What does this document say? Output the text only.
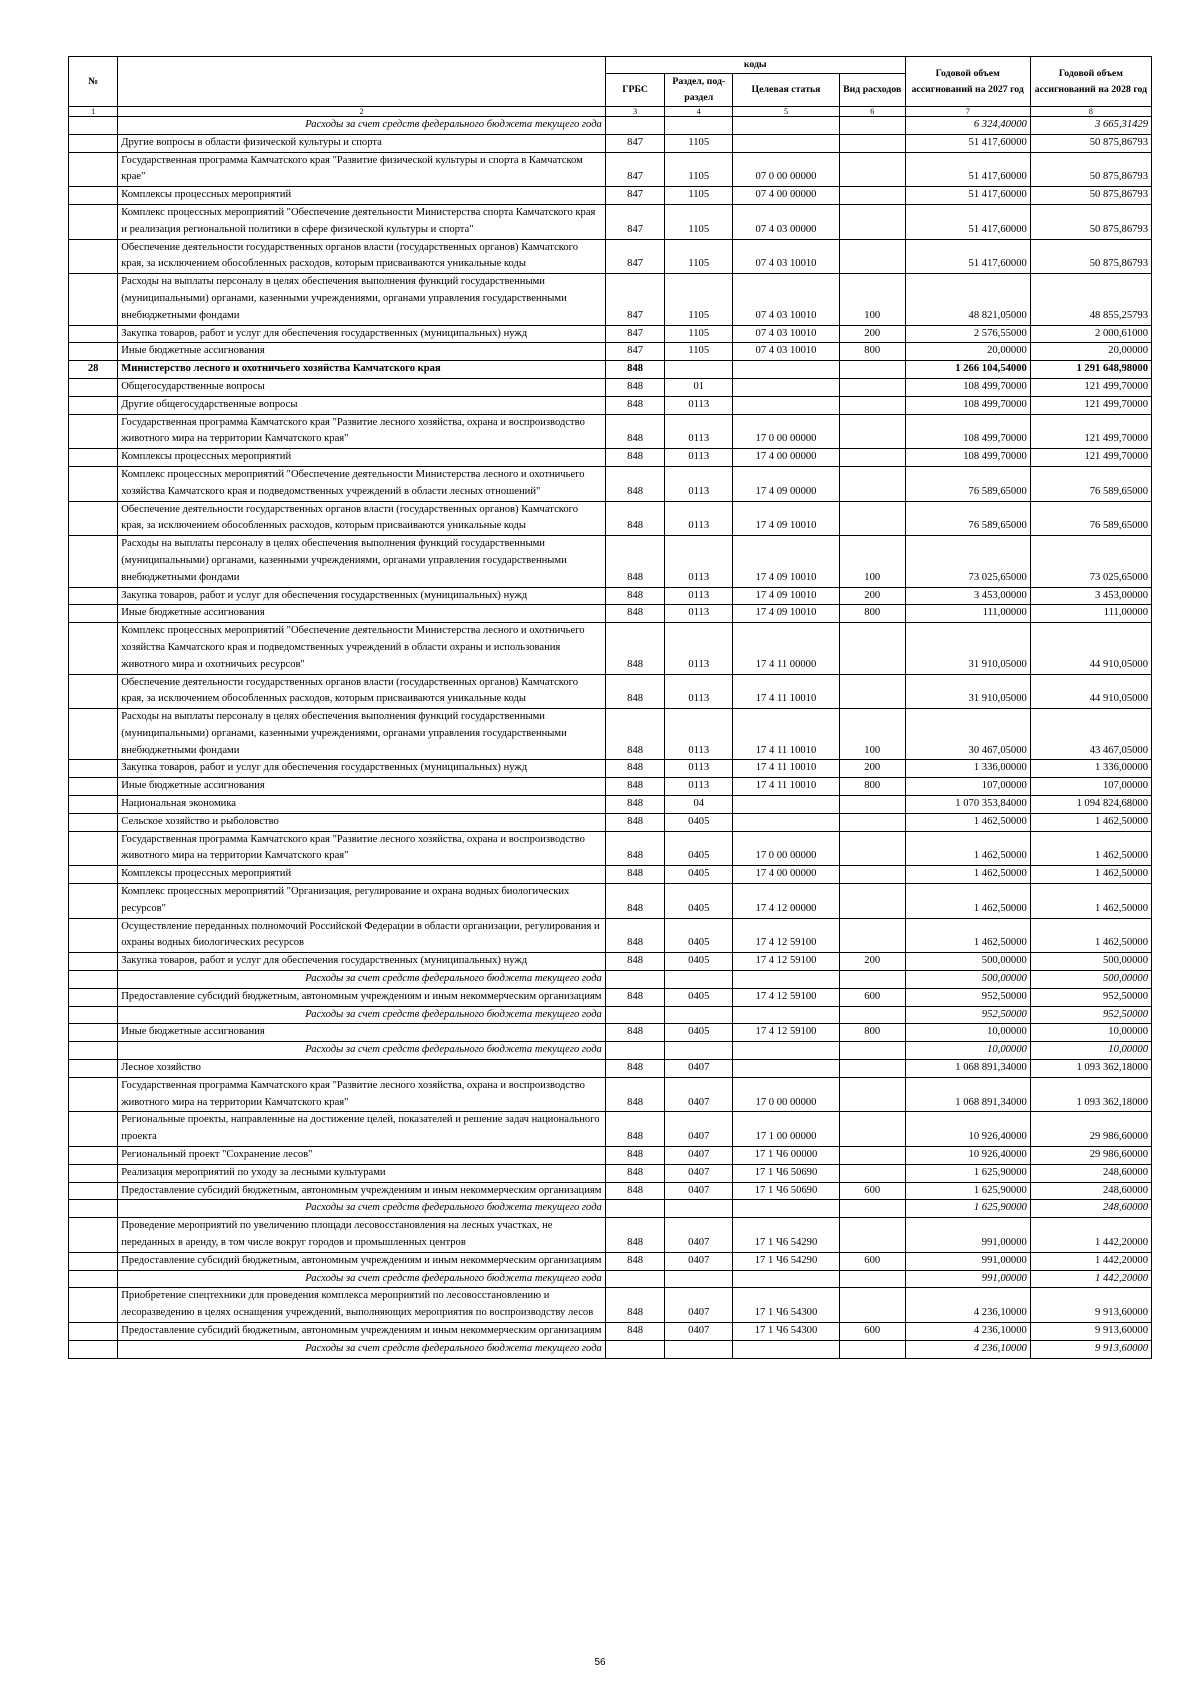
№		коды				Годовой объем ассигнований на 2027 год	Годовой объем ассигнований на 2028 год
		ГРБС	Раздел, под-раздел	Целевая статья	Вид расходов		
1	2	3	4	5	6	7	8
	Расходы за счет средств федерального бюджета текущего года					6 324,40000	3 665,31429
	Другие вопросы в области физической культуры и спорта	847	1105			51 417,60000	50 875,86793
	Государственная программа Камчатского края "Развитие физической культуры и спорта в Камчатском крае"	847	1105	07 0 00 00000		51 417,60000	50 875,86793
	Комплексы процессных мероприятий	847	1105	07 4 00 00000		51 417,60000	50 875,86793
	Комплекс процессных мероприятий "Обеспечение деятельности Министерства спорта Камчатского края и реализация региональной политики в сфере физической культуры и спорта"	847	1105	07 4 03 00000		51 417,60000	50 875,86793
	Обеспечение деятельности государственных органов власти (государственных органов) Камчатского края, за исключением обособленных расходов, которым присваиваются уникальные коды	847	1105	07 4 03 10010		51 417,60000	50 875,86793
	Расходы на выплаты персоналу в целях обеспечения выполнения функций государственными (муниципальными) органами, казенными учреждениями, органами управления государственными внебюджетными фондами	847	1105	07 4 03 10010	100	48 821,05000	48 855,25793
	Закупка товаров, работ и услуг для обеспечения государственных (муниципальных) нужд	847	1105	07 4 03 10010	200	2 576,55000	2 000,61000
	Иные бюджетные ассигнования	847	1105	07 4 03 10010	800	20,00000	20,00000
28	Министерство лесного и охотничьего хозяйства Камчатского края	848				1 266 104,54000	1 291 648,98000
	Общегосударственные вопросы	848	01			108 499,70000	121 499,70000
	Другие общегосударственные вопросы	848	0113			108 499,70000	121 499,70000
	Государственная программа Камчатского края "Развитие лесного хозяйства, охрана и воспроизводство животного мира на территории Камчатского края"	848	0113	17 0 00 00000		108 499,70000	121 499,70000
	Комплексы процессных мероприятий	848	0113	17 4 00 00000		108 499,70000	121 499,70000
	Комплекс процессных мероприятий "Обеспечение деятельности Министерства лесного и охотничьего хозяйства Камчатского края и подведомственных учреждений в области лесных отношений"	848	0113	17 4 09 00000		76 589,65000	76 589,65000
	Обеспечение деятельности государственных органов власти (государственных органов) Камчатского края, за исключением обособленных расходов, которым присваиваются уникальные коды	848	0113	17 4 09 10010		76 589,65000	76 589,65000
	Расходы на выплаты персоналу в целях обеспечения выполнения функций государственными (муниципальными) органами, казенными учреждениями, органами управления государственными внебюджетными фондами	848	0113	17 4 09 10010	100	73 025,65000	73 025,65000
	Закупка товаров, работ и услуг для обеспечения государственных (муниципальных) нужд	848	0113	17 4 09 10010	200	3 453,00000	3 453,00000
	Иные бюджетные ассигнования	848	0113	17 4 09 10010	800	111,00000	111,00000
	Комплекс процессных мероприятий "Обеспечение деятельности Министерства лесного и охотничьего хозяйства Камчатского края и подведомственных учреждений в области охраны и использования животного мира и охотничьих ресурсов"	848	0113	17 4 11 00000		31 910,05000	44 910,05000
	Обеспечение деятельности государственных органов власти (государственных органов) Камчатского края, за исключением обособленных расходов, которым присваиваются уникальные коды	848	0113	17 4 11 10010		31 910,05000	44 910,05000
	Расходы на выплаты персоналу в целях обеспечения выполнения функций государственными (муниципальными) органами, казенными учреждениями, органами управления государственными внебюджетными фондами	848	0113	17 4 11 10010	100	30 467,05000	43 467,05000
	Закупка товаров, работ и услуг для обеспечения государственных (муниципальных) нужд	848	0113	17 4 11 10010	200	1 336,00000	1 336,00000
	Иные бюджетные ассигнования	848	0113	17 4 11 10010	800	107,00000	107,00000
	Национальная экономика	848	04			1 070 353,84000	1 094 824,68000
	Сельское хозяйство и рыболовство	848	0405			1 462,50000	1 462,50000
	Государственная программа Камчатского края "Развитие лесного хозяйства, охрана и воспроизводство животного мира на территории Камчатского края"	848	0405	17 0 00 00000		1 462,50000	1 462,50000
	Комплексы процессных мероприятий	848	0405	17 4 00 00000		1 462,50000	1 462,50000
	Комплекс процессных мероприятий "Организация, регулирование и охрана водных биологических ресурсов"	848	0405	17 4 12 00000		1 462,50000	1 462,50000
	Осуществление переданных полномочий Российской Федерации в области организации, регулирования и охраны водных биологических ресурсов	848	0405	17 4 12 59100		1 462,50000	1 462,50000
	Закупка товаров, работ и услуг для обеспечения государственных (муниципальных) нужд	848	0405	17 4 12 59100	200	500,00000	500,00000
	Расходы за счет средств федерального бюджета текущего года					500,00000	500,00000
	Предоставление субсидий бюджетным, автономным учреждениям и иным некоммерческим организациям	848	0405	17 4 12 59100	600	952,50000	952,50000
	Расходы за счет средств федерального бюджета текущего года					952,50000	952,50000
	Иные бюджетные ассигнования	848	0405	17 4 12 59100	800	10,00000	10,00000
	Расходы за счет средств федерального бюджета текущего года					10,00000	10,00000
	Лесное хозяйство	848	0407			1 068 891,34000	1 093 362,18000
	Государственная программа Камчатского края "Развитие лесного хозяйства, охрана и воспроизводство животного мира на территории Камчатского края"	848	0407	17 0 00 00000		1 068 891,34000	1 093 362,18000
	Региональные проекты, направленные на достижение целей, показателей и решение задач национального проекта	848	0407	17 1 00 00000		10 926,40000	29 986,60000
	Региональный проект "Сохранение лесов"	848	0407	17 1 Ч6 00000		10 926,40000	29 986,60000
	Реализация мероприятий по уходу за лесными культурами	848	0407	17 1 Ч6 50690		1 625,90000	248,60000
	Предоставление субсидий бюджетным, автономным учреждениям и иным некоммерческим организациям	848	0407	17 1 Ч6 50690	600	1 625,90000	248,60000
	Расходы за счет средств федерального бюджета текущего года					1 625,90000	248,60000
	Проведение мероприятий по увеличению площади лесовосстановления на лесных участках, не переданных в аренду, в том числе вокруг городов и промышленных центров	848	0407	17 1 Ч6 54290		991,00000	1 442,20000
	Предоставление субсидий бюджетным, автономным учреждениям и иным некоммерческим организациям	848	0407	17 1 Ч6 54290	600	991,00000	1 442,20000
	Расходы за счет средств федерального бюджета текущего года					991,00000	1 442,20000
	Приобретение спецтехники для проведения комплекса мероприятий по лесовосстановлению и лесоразведению в целях оснащения учреждений, выполняющих мероприятия по воспроизводству лесов	848	0407	17 1 Ч6 54300		4 236,10000	9 913,60000
	Предоставление субсидий бюджетным, автономным учреждениям и иным некоммерческим организациям	848	0407	17 1 Ч6 54300	600	4 236,10000	9 913,60000
	Расходы за счет средств федерального бюджета текущего года					4 236,10000	9 913,60000
56
